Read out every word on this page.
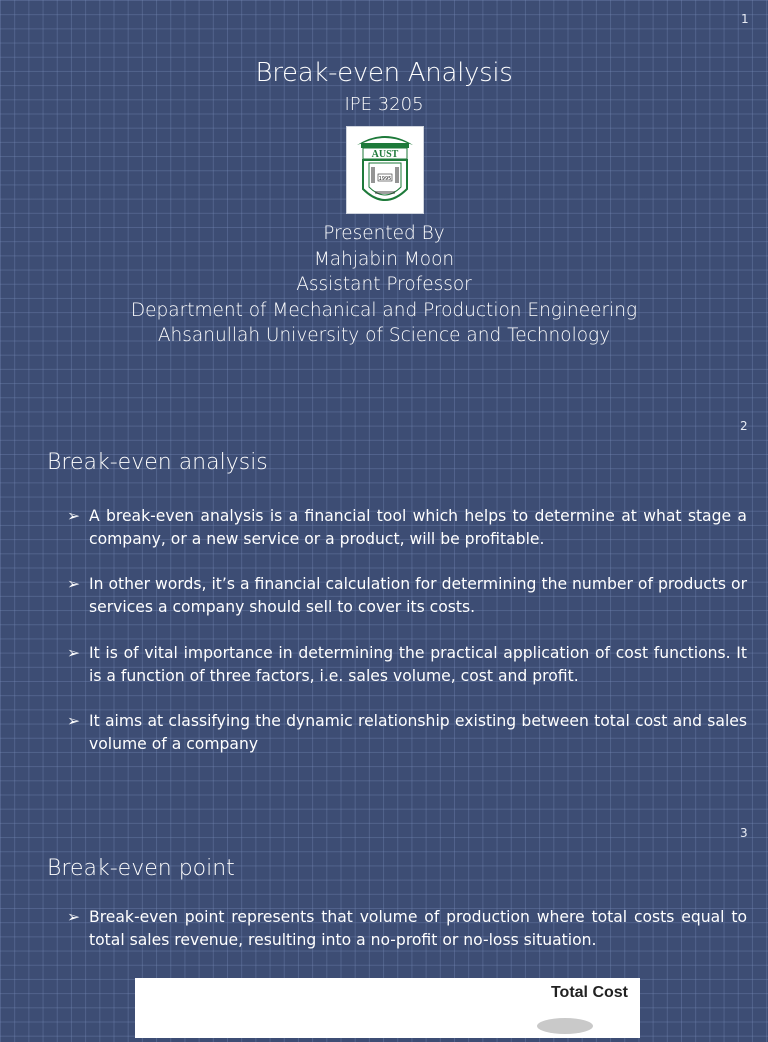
1
Break-even Analysis
IPE 3205
AUST
1995
Presented By
Mahjabin Moon
Assistant Professor
Department of Mechanical and Production Engineering
Ahsanullah University of Science and Technology
2
Break-even analysis

➢ A break-even analysis is a financial tool which helps to determine at what stage a company, or a new service or a product, will be profitable.

➢ In other words, it’s a financial calculation for determining the number of products or services a company should sell to cover its costs.

➢ It is of vital importance in determining the practical application of cost functions. It is a function of three factors, i.e. sales volume, cost and profit.

➢ It aims at classifying the dynamic relationship existing between total cost and sales volume of a company

3
Break-even point

➢ Break-even point represents that volume of production where total costs equal to total sales revenue, resulting into a no-profit or no-loss situation.

Total Cost
